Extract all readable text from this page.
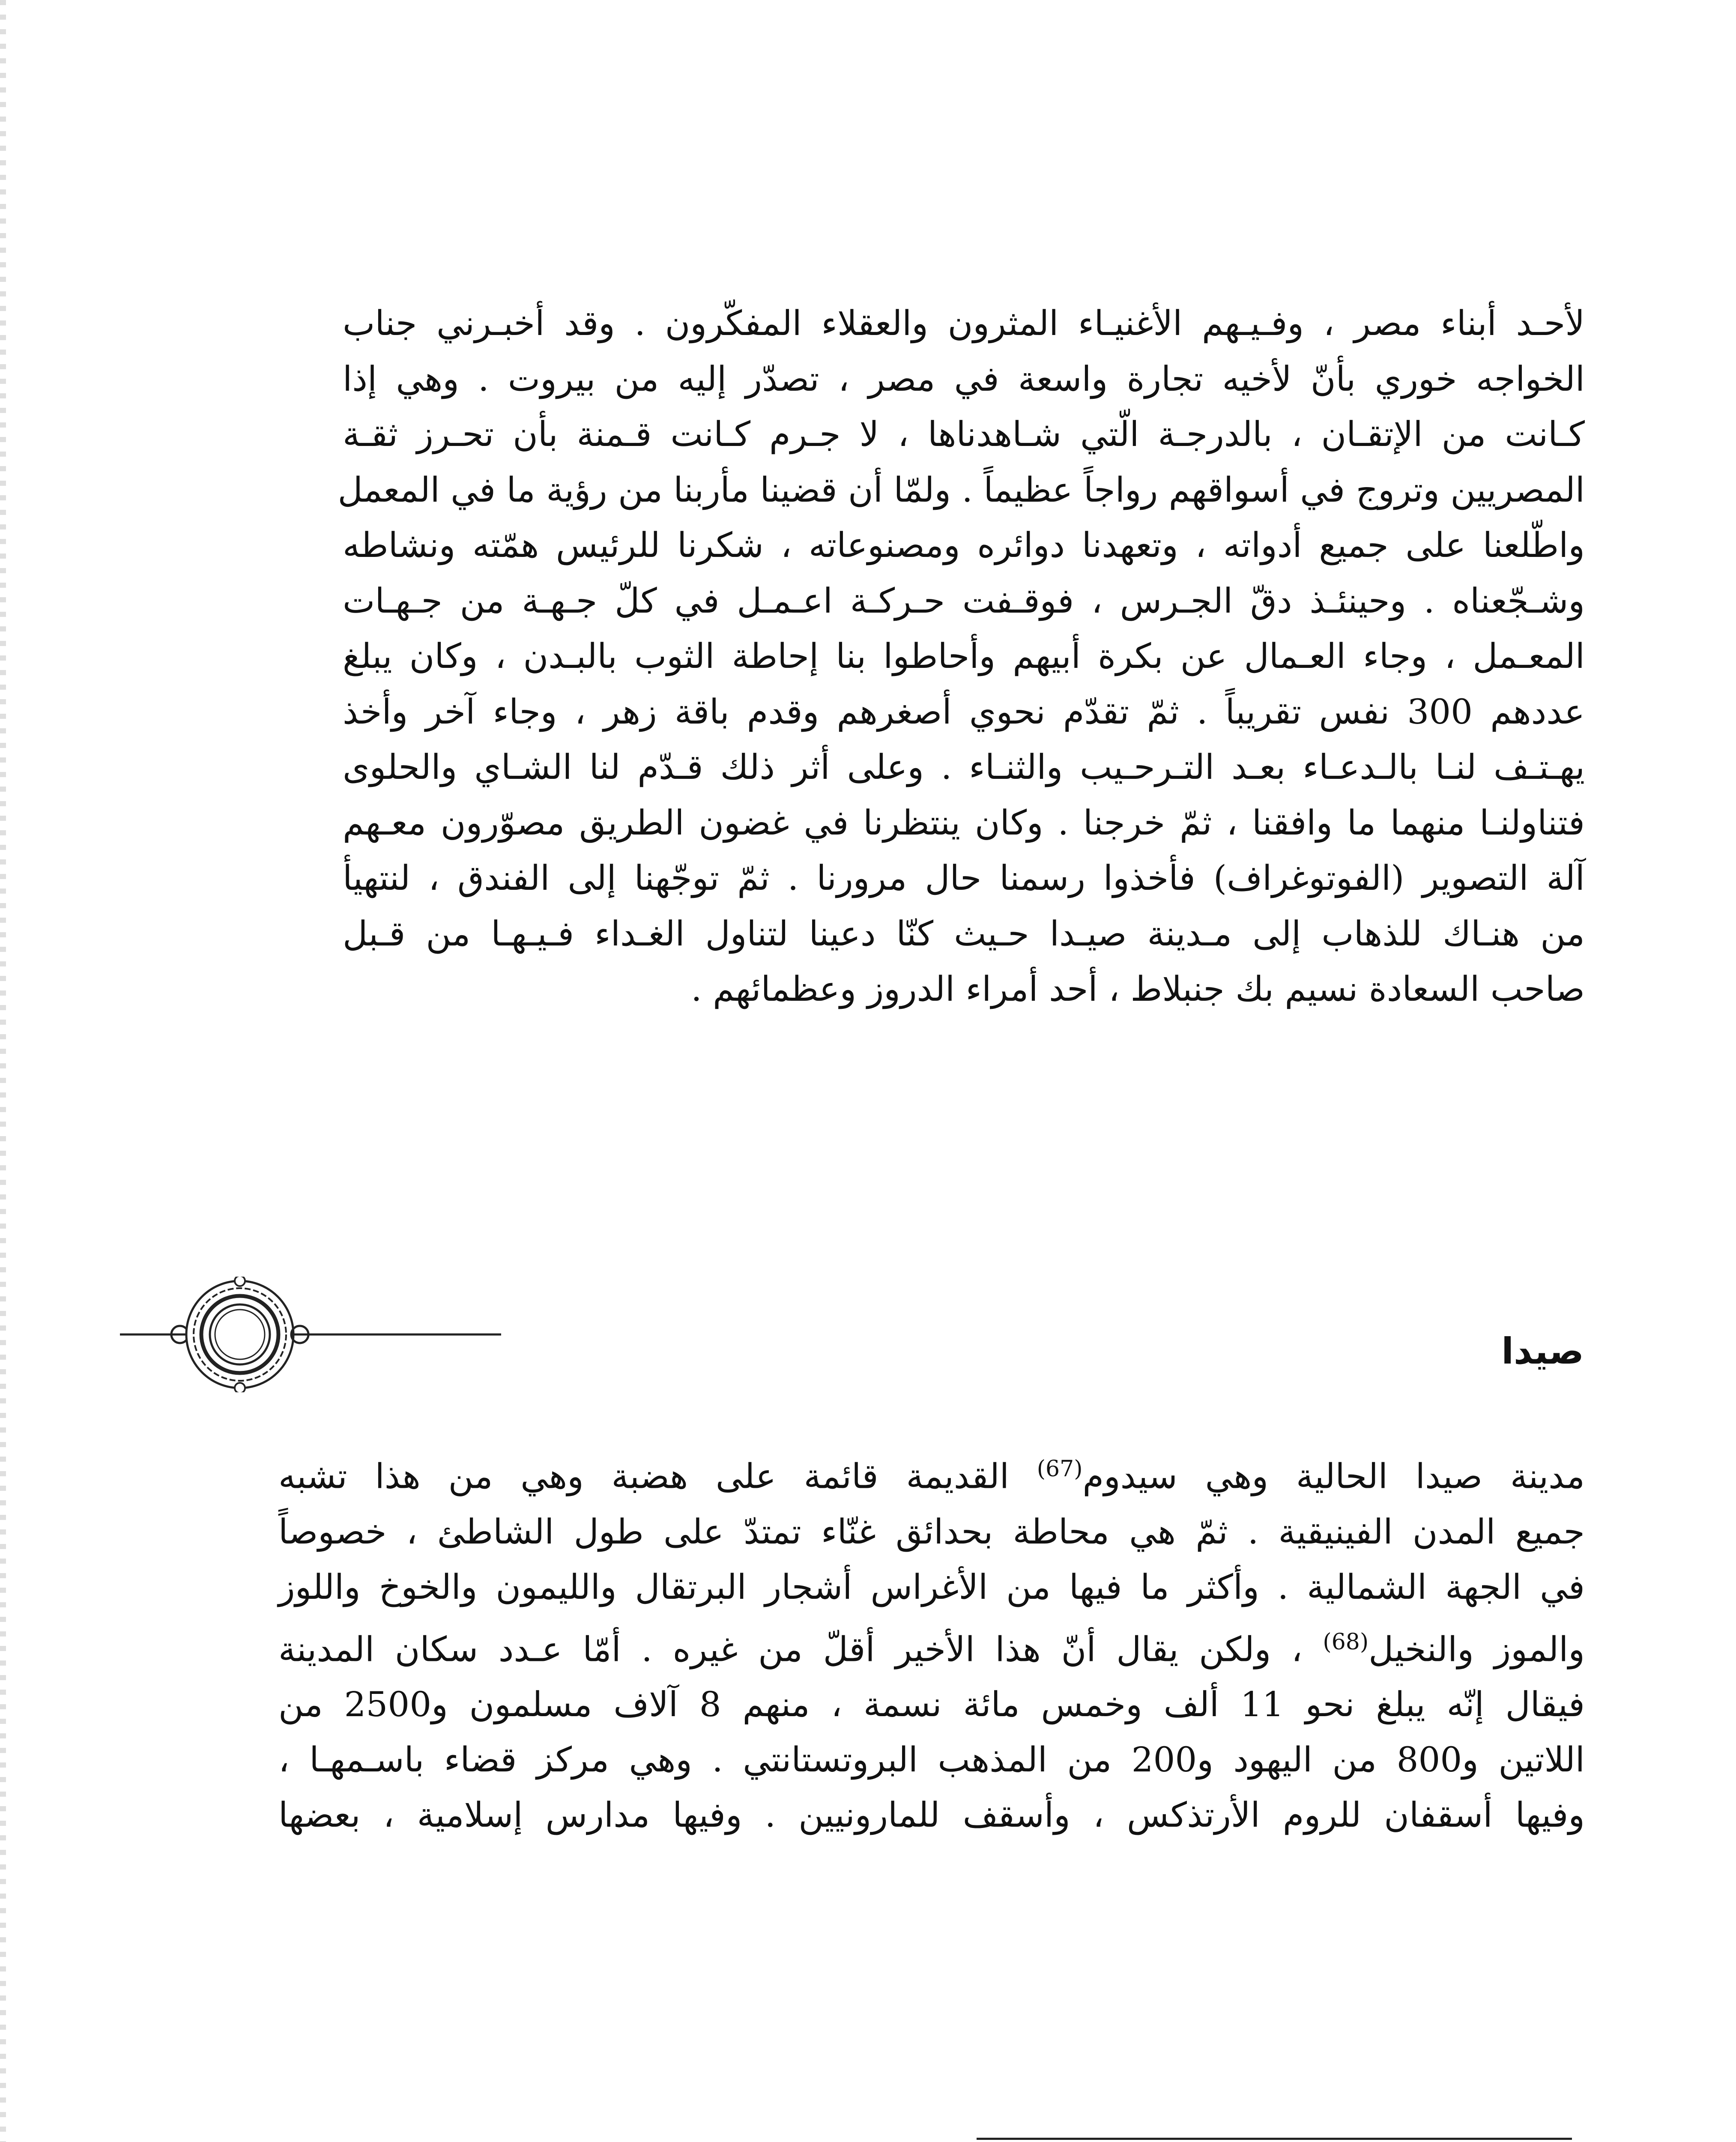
لأحـد أبناء مصر ، وفـيـهم الأغنيـاء المثرون والعقلاء المفكّرون . وقد أخبـرني جناب
الخواجه خوري بأنّ لأخيه تجارة واسعة في مصر ، تصدّر إليه من بيروت . وهي إذا
كـانت من الإتقـان ، بالدرجـة الّتي شـاهدناها ، لا جـرم كـانت قـمنة بأن تحـرز ثقـة
المصريين وتروج في أسواقهم رواجاً عظيماً . ولمّا أن قضينا مأربنا من رؤية ما في المعمل
واطّلعنا على جميع أدواته ، وتعهدنا دوائره ومصنوعاته ، شكرنا للرئيس همّته ونشاطه
وشـجّعناه . وحينئـذ دقّ الجـرس ، فوقـفت حـركـة اعـمـل في كلّ جـهـة من جـهـات
المعـمل ، وجاء العـمال عن بكرة أبيهم وأحاطوا بنا إحاطة الثوب بالبـدن ، وكان يبلغ
عددهم 300 نفس تقريباً . ثمّ تقدّم نحوي أصغرهم وقدم باقة زهر ، وجاء آخر وأخذ
يهـتـف لنـا بالـدعـاء بعـد التـرحـيب والثنـاء . وعلى أثر ذلك قـدّم لنا الشـاي والحلوى
فتناولنـا منهما ما وافقنا ، ثمّ خرجنا . وكان ينتظرنا في غضون الطريق مصوّرون معـهم
آلة التصوير (الفوتوغراف) فأخذوا رسمنا حال مرورنا . ثمّ توجّهنا إلى الفندق ، لنتهيأ
من هنـاك للذهاب إلى مـدينة صيـدا حـيث كنّا دعينا لتناول الغـداء فـيـهـا من قـبل
صاحب السعادة نسيم بك جنبلاط ، أحد أمراء الدروز وعظمائهم .
صيدا
مدينة صيدا الحالية وهي سيدوم$^{(67)}$ القديمة قائمة على هضبة وهي من هذا تشبه
جميع المدن الفينيقية . ثمّ هي محاطة بحدائق غنّاء تمتدّ على طول الشاطئ ، خصوصاً
في الجهة الشمالية . وأكثر ما فيها من الأغراس أشجار البرتقال والليمون والخوخ واللوز
والموز والنخيل$^{(68)}$ ، ولكن يقال أنّ هذا الأخير أقلّ من غيره . أمّا عـدد سكان المدينة
فيقال إنّه يبلغ نحو 11 ألف وخمس مائة نسمة ، منهم 8 آلاف مسلمون و2500 من
اللاتين و800 من اليهود و200 من المذهب البروتستانتي . وهي مركز قضاء باسـمهـا ،
وفيها أسقفان للروم الأرتذكس ، وأسقف للمارونيين . وفيها مدارس إسلامية ، بعضها
